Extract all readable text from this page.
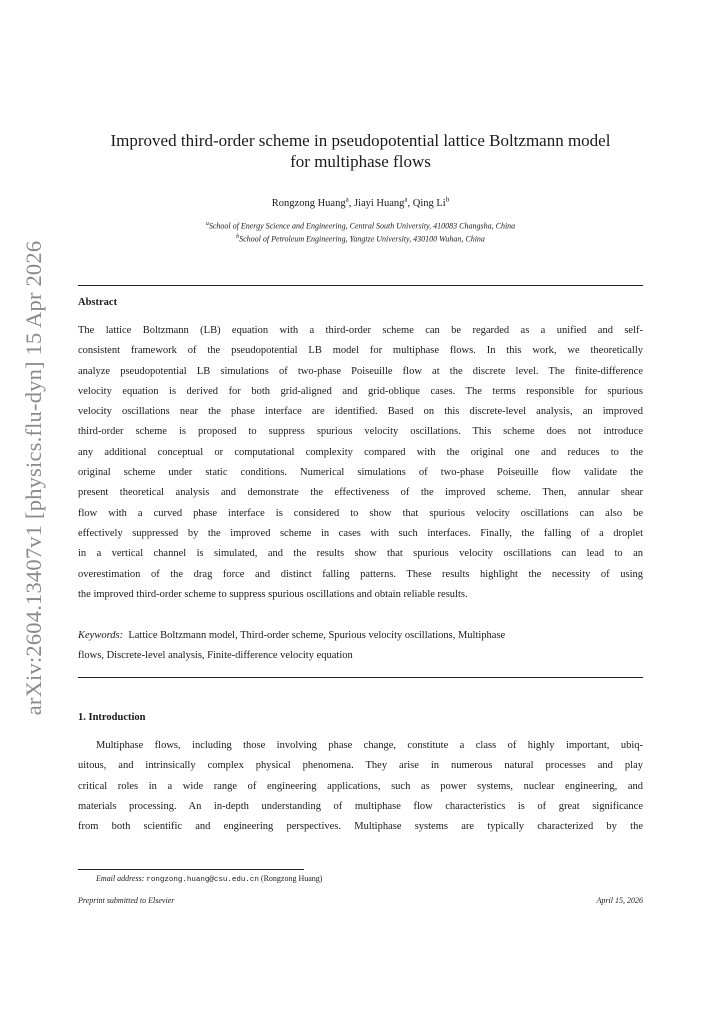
arXiv:2604.13407v1 [physics.flu-dyn] 15 Apr 2026
Improved third-order scheme in pseudopotential lattice Boltzmann model
for multiphase flows
Rongzong Huang$^a$, Jiayi Huang$^a$, Qing Li$^b$
$^a$School of Energy Science and Engineering, Central South University, 410083 Changsha, China
$^b$School of Petroleum Engineering, Yangtze University, 430100 Wuhan, China
Abstract
The lattice Boltzmann (LB) equation with a third-order scheme can be regarded as a unified and self-
consistent framework of the pseudopotential LB model for multiphase flows. In this work, we theoretically
analyze pseudopotential LB simulations of two-phase Poiseuille flow at the discrete level. The finite-difference
velocity equation is derived for both grid-aligned and grid-oblique cases. The terms responsible for spurious
velocity oscillations near the phase interface are identified. Based on this discrete-level analysis, an improved
third-order scheme is proposed to suppress spurious velocity oscillations. This scheme does not introduce
any additional conceptual or computational complexity compared with the original one and reduces to the
original scheme under static conditions. Numerical simulations of two-phase Poiseuille flow validate the
present theoretical analysis and demonstrate the effectiveness of the improved scheme. Then, annular shear
flow with a curved phase interface is considered to show that spurious velocity oscillations can also be
effectively suppressed by the improved scheme in cases with such interfaces. Finally, the falling of a droplet
in a vertical channel is simulated, and the results show that spurious velocity oscillations can lead to an
overestimation of the drag force and distinct falling patterns. These results highlight the necessity of using
the improved third-order scheme to suppress spurious oscillations and obtain reliable results.
Keywords: Lattice Boltzmann model, Third-order scheme, Spurious velocity oscillations, Multiphase
flows, Discrete-level analysis, Finite-difference velocity equation
1. Introduction
Multiphase flows, including those involving phase change, constitute a class of highly important, ubiq-
uitous, and intrinsically complex physical phenomena. They arise in numerous natural processes and play
critical roles in a wide range of engineering applications, such as power systems, nuclear engineering, and
materials processing. An in-depth understanding of multiphase flow characteristics is of great significance
from both scientific and engineering perspectives. Multiphase systems are typically characterized by the
Email address: rongzong.huang@csu.edu.cn (Rongzong Huang)
Preprint submitted to Elsevier	April 15, 2026
